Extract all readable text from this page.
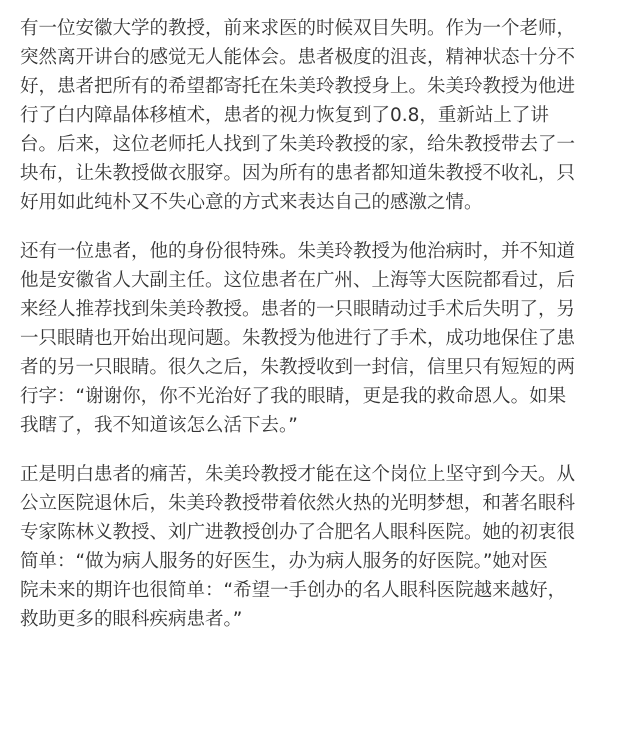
有一位安徽大学的教授，前来求医的时候双目失明。作为一个老师，
突然离开讲台的感觉无人能体会。患者极度的沮丧，精神状态十分不
好，患者把所有的希望都寄托在朱美玲教授身上。朱美玲教授为他进
行了白内障晶体移植术，患者的视力恢复到了0.8，重新站上了讲
台。后来，这位老师托人找到了朱美玲教授的家，给朱教授带去了一
块布，让朱教授做衣服穿。因为所有的患者都知道朱教授不收礼，只
好用如此纯朴又不失心意的方式来表达自己的感激之情。

还有一位患者，他的身份很特殊。朱美玲教授为他治病时，并不知道
他是安徽省人大副主任。这位患者在广州、上海等大医院都看过，后
来经人推荐找到朱美玲教授。患者的一只眼睛动过手术后失明了，另
一只眼睛也开始出现问题。朱教授为他进行了手术，成功地保住了患
者的另一只眼睛。很久之后，朱教授收到一封信，信里只有短短的两
行字：“谢谢你，你不光治好了我的眼睛，更是我的救命恩人。如果
我瞎了，我不知道该怎么活下去。”

正是明白患者的痛苦，朱美玲教授才能在这个岗位上坚守到今天。从
公立医院退休后，朱美玲教授带着依然火热的光明梦想，和著名眼科
专家陈林义教授、刘广进教授创办了合肥名人眼科医院。她的初衷很
简单：“做为病人服务的好医生，办为病人服务的好医院。”她对医
院未来的期许也很简单：“希望一手创办的名人眼科医院越来越好，
救助更多的眼科疾病患者。”
